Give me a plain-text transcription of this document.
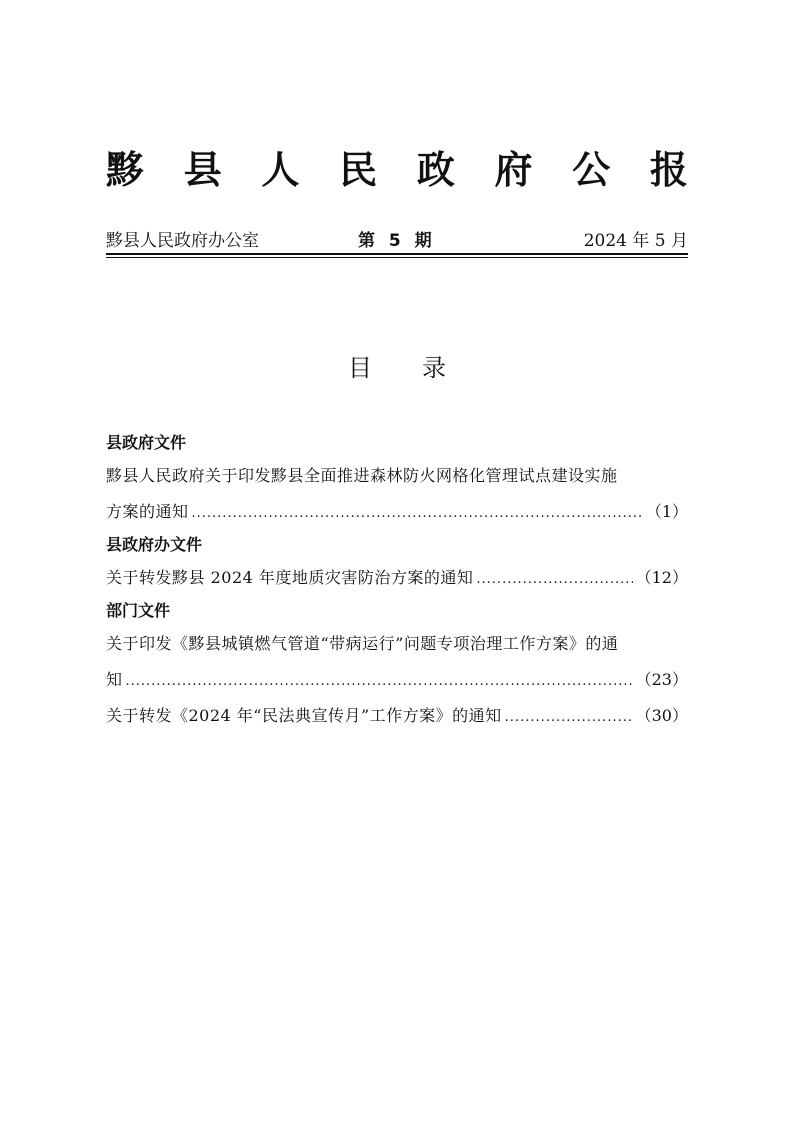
黟 县 人 民 政 府 公 报
黟县人民政府办公室	第 5 期	2024 年 5 月
目录
县政府文件
黟县人民政府关于印发黟县全面推进森林防火网格化管理试点建设实施
方案的通知 .....	（1）
县政府办文件
关于转发黟县 2024 年度地质灾害防治方案的通知 .....	（12）
部门文件
关于印发《黟县城镇燃气管道“带病运行”问题专项治理工作方案》的通
知 .....	（23）
关于转发《2024 年“民法典宣传月”工作方案》的通知 .....	（30）
